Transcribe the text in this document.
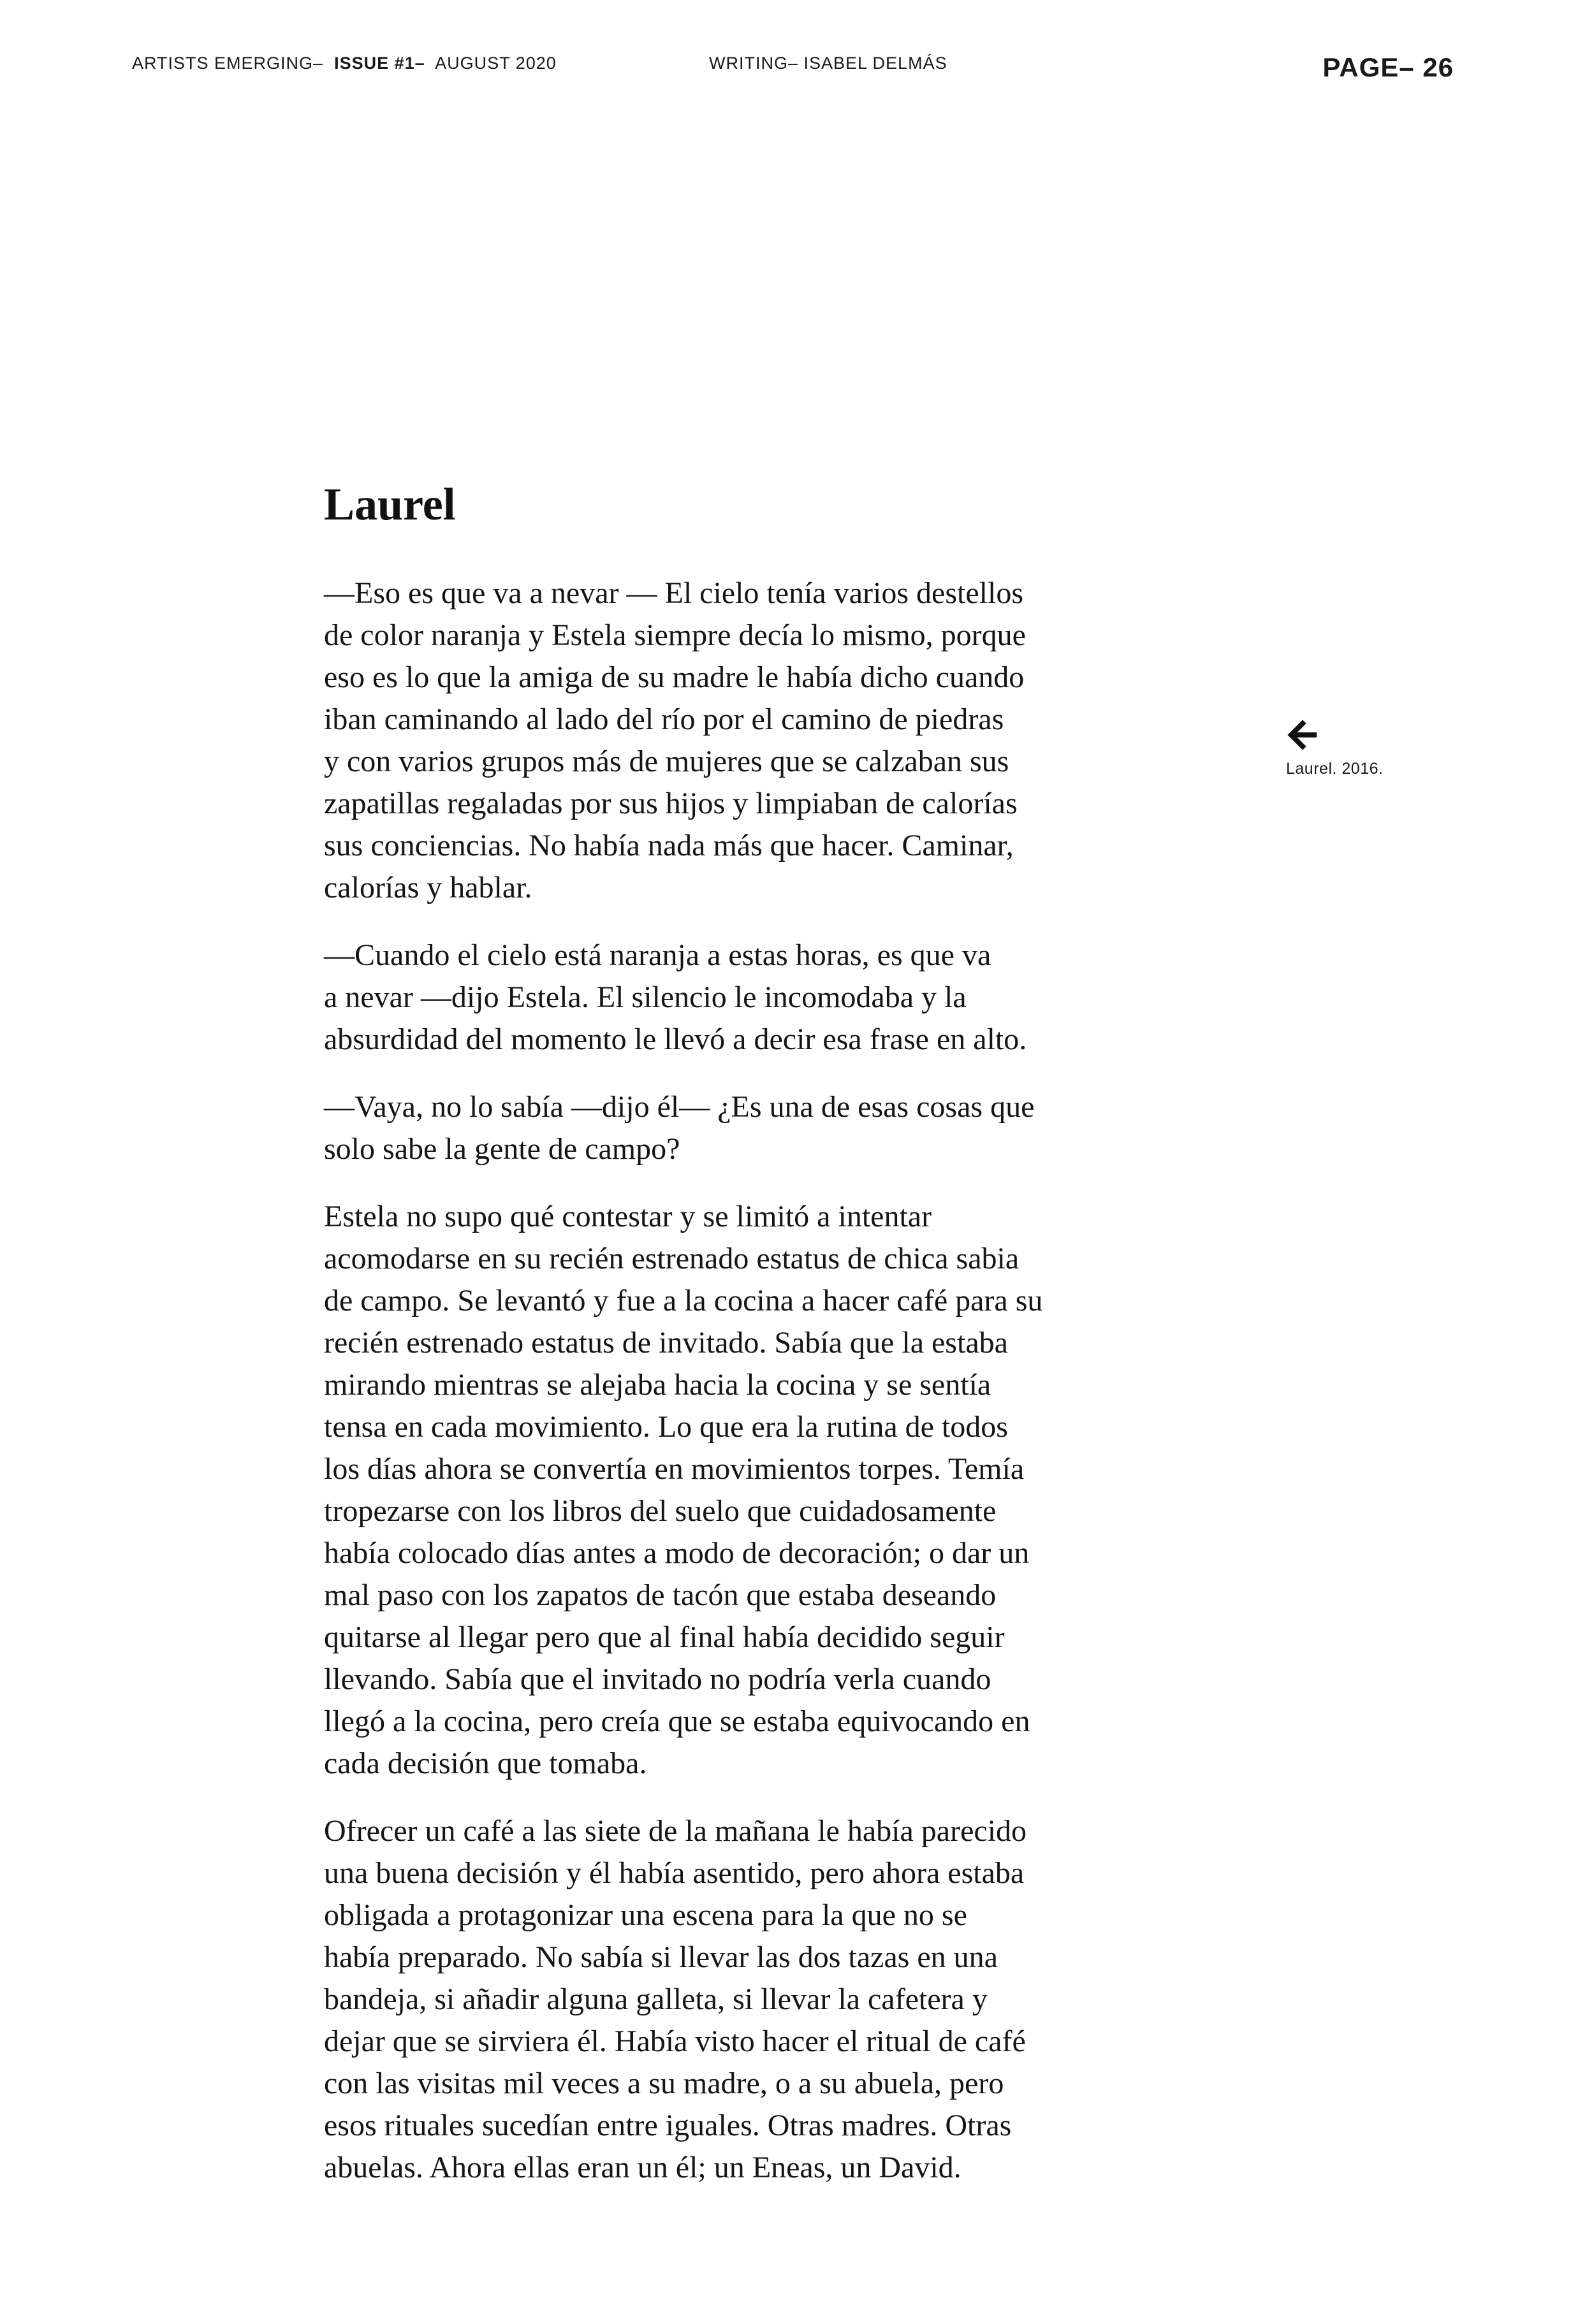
ARTISTS EMERGING– ISSUE #1– AUGUST 2020	WRITING– ISABEL DELMÁS	PAGE– 26
Laurel

—Eso es que va a nevar — El cielo tenía varios destellos
de color naranja y Estela siempre decía lo mismo, porque
eso es lo que la amiga de su madre le había dicho cuando
iban caminando al lado del río por el camino de piedras
y con varios grupos más de mujeres que se calzaban sus
zapatillas regaladas por sus hijos y limpiaban de calorías
sus conciencias. No había nada más que hacer. Caminar,
calorías y hablar.

—Cuando el cielo está naranja a estas horas, es que va
a nevar —dijo Estela. El silencio le incomodaba y la
absurdidad del momento le llevó a decir esa frase en alto.

—Vaya, no lo sabía —dijo él— ¿Es una de esas cosas que
solo sabe la gente de campo?

Estela no supo qué contestar y se limitó a intentar
acomodarse en su recién estrenado estatus de chica sabia
de campo. Se levantó y fue a la cocina a hacer café para su
recién estrenado estatus de invitado. Sabía que la estaba
mirando mientras se alejaba hacia la cocina y se sentía
tensa en cada movimiento. Lo que era la rutina de todos
los días ahora se convertía en movimientos torpes. Temía
tropezarse con los libros del suelo que cuidadosamente
había colocado días antes a modo de decoración; o dar un
mal paso con los zapatos de tacón que estaba deseando
quitarse al llegar pero que al final había decidido seguir
llevando. Sabía que el invitado no podría verla cuando
llegó a la cocina, pero creía que se estaba equivocando en
cada decisión que tomaba.

Ofrecer un café a las siete de la mañana le había parecido
una buena decisión y él había asentido, pero ahora estaba
obligada a protagonizar una escena para la que no se
había preparado. No sabía si llevar las dos tazas en una
bandeja, si añadir alguna galleta, si llevar la cafetera y
dejar que se sirviera él. Había visto hacer el ritual de café
con las visitas mil veces a su madre, o a su abuela, pero
esos rituales sucedían entre iguales. Otras madres. Otras
abuelas. Ahora ellas eran un él; un Eneas, un David.

Laurel. 2016.
